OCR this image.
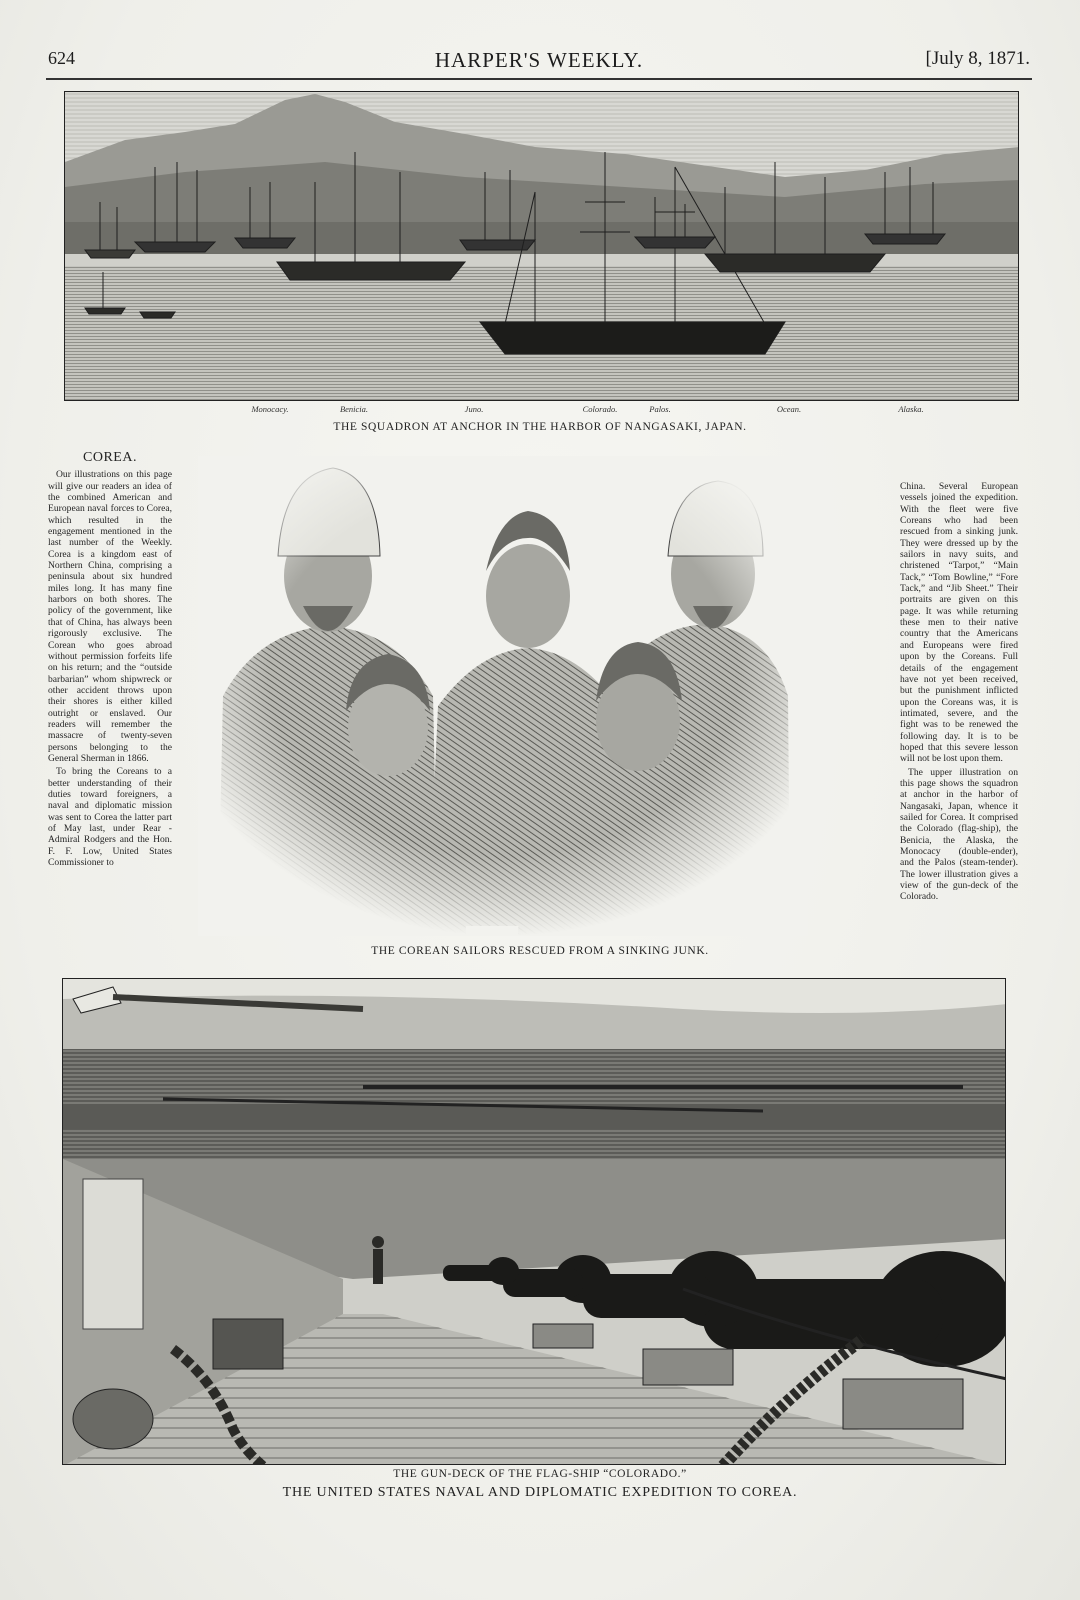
624	HARPER'S WEEKLY.	[July 8, 1871.
Monocacy.	Benicia.	Juno.	Colorado.	Palos.	Ocean.	Alaska.
THE SQUADRON AT ANCHOR IN THE HARBOR OF NANGASAKI, JAPAN.
COREA.

Our illustrations on this page will give our readers an idea of the combined American and European naval forces to Corea, which resulted in the engagement mentioned in the last number of the Weekly. Corea is a kingdom east of Northern China, comprising a peninsula about six hundred miles long. It has many fine harbors on both shores. The policy of the government, like that of China, has always been rigorously exclusive. The Corean who goes abroad without permission forfeits life on his return; and the “outside barbarian” whom shipwreck or other accident throws upon their shores is either killed outright or enslaved. Our readers will remember the massacre of twenty-seven persons belonging to the General Sherman in 1866.

To bring the Coreans to a better understanding of their duties toward foreigners, a naval and diplomatic mission was sent to Corea the latter part of May last, under Rear - Admiral Rodgers and the Hon. F. F. Low, United States Commissioner to

THE COREAN SAILORS RESCUED FROM A SINKING JUNK.

China. Several European vessels joined the expedition. With the fleet were five Coreans who had been rescued from a sinking junk. They were dressed up by the sailors in navy suits, and christened “Tarpot,” “Main Tack,” “Tom Bowline,” “Fore Tack,” and “Jib Sheet.” Their portraits are given on this page. It was while returning these men to their native country that the Americans and Europeans were fired upon by the Coreans. Full details of the engagement have not yet been received, but the punishment inflicted upon the Coreans was, it is intimated, severe, and the fight was to be renewed the following day. It is to be hoped that this severe lesson will not be lost upon them.

The upper illustration on this page shows the squadron at anchor in the harbor of Nangasaki, Japan, whence it sailed for Corea. It comprised the Colorado (flag-ship), the Benicia, the Alaska, the Monocacy (double-ender), and the Palos (steam-tender). The lower illustration gives a view of the gun-deck of the Colorado.

THE GUN-DECK OF THE FLAG-SHIP “COLORADO.”
THE UNITED STATES NAVAL AND DIPLOMATIC EXPEDITION TO COREA.
